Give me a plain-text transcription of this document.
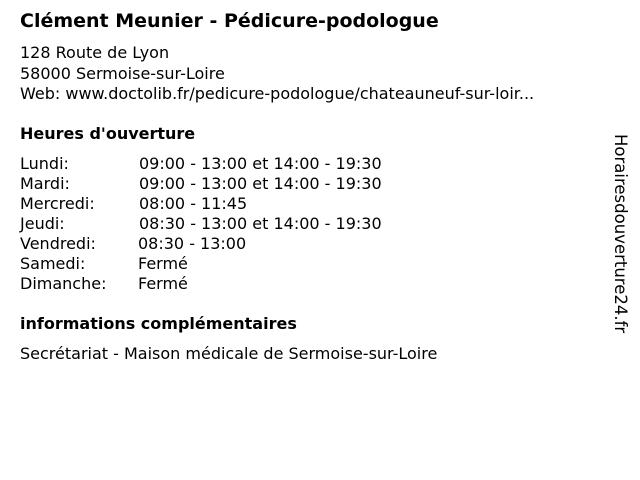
Clément Meunier - Pédicure-podologue
128 Route de Lyon
58000 Sermoise-sur-Loire
Web: www.doctolib.fr/pedicure-podologue/chateauneuf-sur-loir...
Heures d'ouverture
Lundi:	09:00 - 13:00 et 14:00 - 19:30
Mardi:	09:00 - 13:00 et 14:00 - 19:30
Mercredi:	08:00 - 11:45
Jeudi:	08:30 - 13:00 et 14:00 - 19:30
Vendredi:	08:30 - 13:00
Samedi:	Fermé
Dimanche: Fermé
informations complémentaires
Secrétariat - Maison médicale de Sermoise-sur-Loire
Horairesdouverture24.fr
